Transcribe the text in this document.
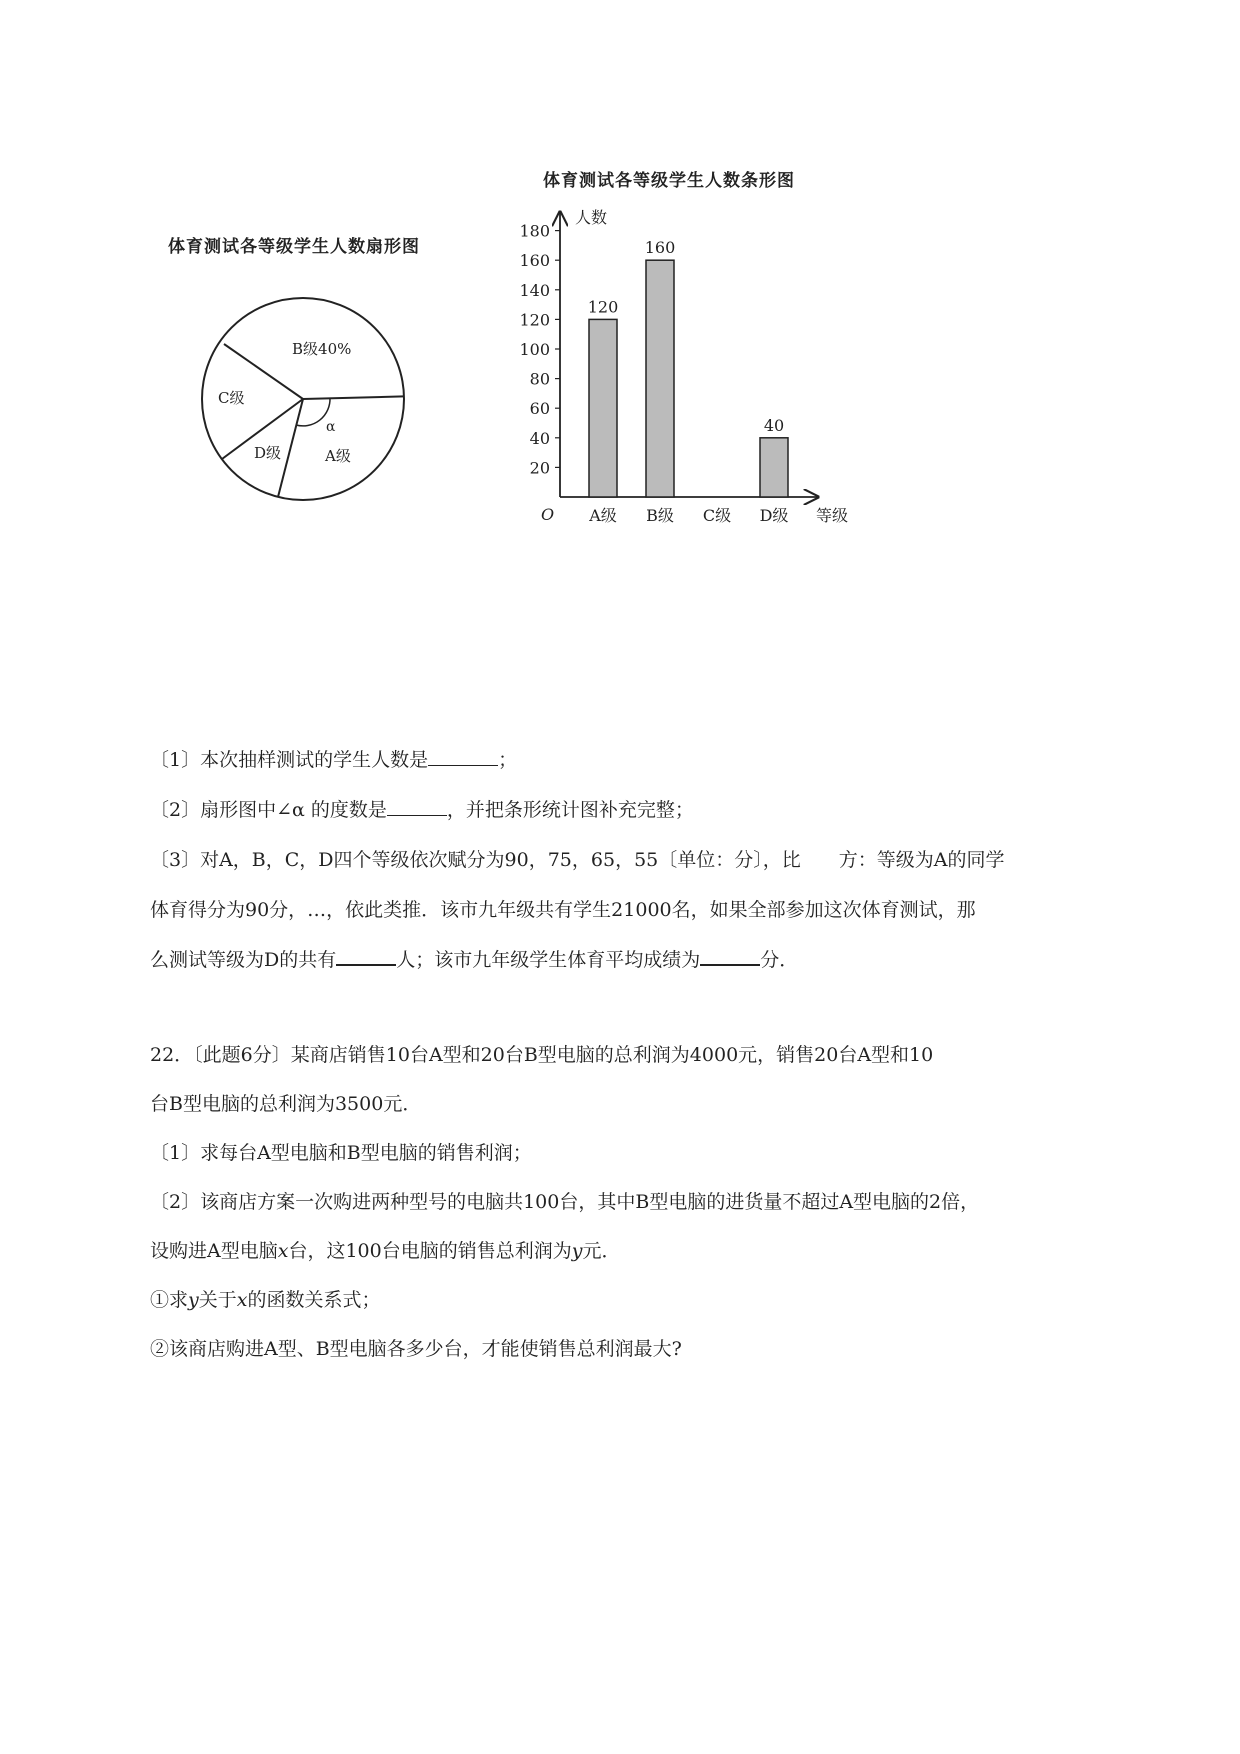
体育测试各等级学生人数扇形图
B级40%
C级
D级	A级
α
体育测试各等级学生人数条形图
20
40
60
80
100
120
140
160
180
120
A级
160
B级 C级
40
D级
人数
等级
O
〔1〕本次抽样测试的学生人数是	；
〔2〕扇形图中∠α 的度数是	，并把条形统计图补充完整；
〔3〕对A，B，C，D四个等级依次赋分为90，75，65，55〔单位：分〕，比　　方：等级为A的同学
体育得分为90分，…，依此类推．该市九年级共有学生21000名，如果全部参加这次体育测试，那
么测试等级为D的共有	人；该市九年级学生体育平均成绩为	分．
22．〔此题6分〕某商店销售10台A型和20台B型电脑的总利润为4000元，销售20台A型和10
台B型电脑的总利润为3500元．
〔1〕求每台A型电脑和B型电脑的销售利润；
〔2〕该商店方案一次购进两种型号的电脑共100台，其中B型电脑的进货量不超过A型电脑的2倍，
设购进A型电脑x台，这100台电脑的销售总利润为y元．
①求y关于x的函数关系式；
②该商店购进A型、B型电脑各多少台，才能使销售总利润最大?
